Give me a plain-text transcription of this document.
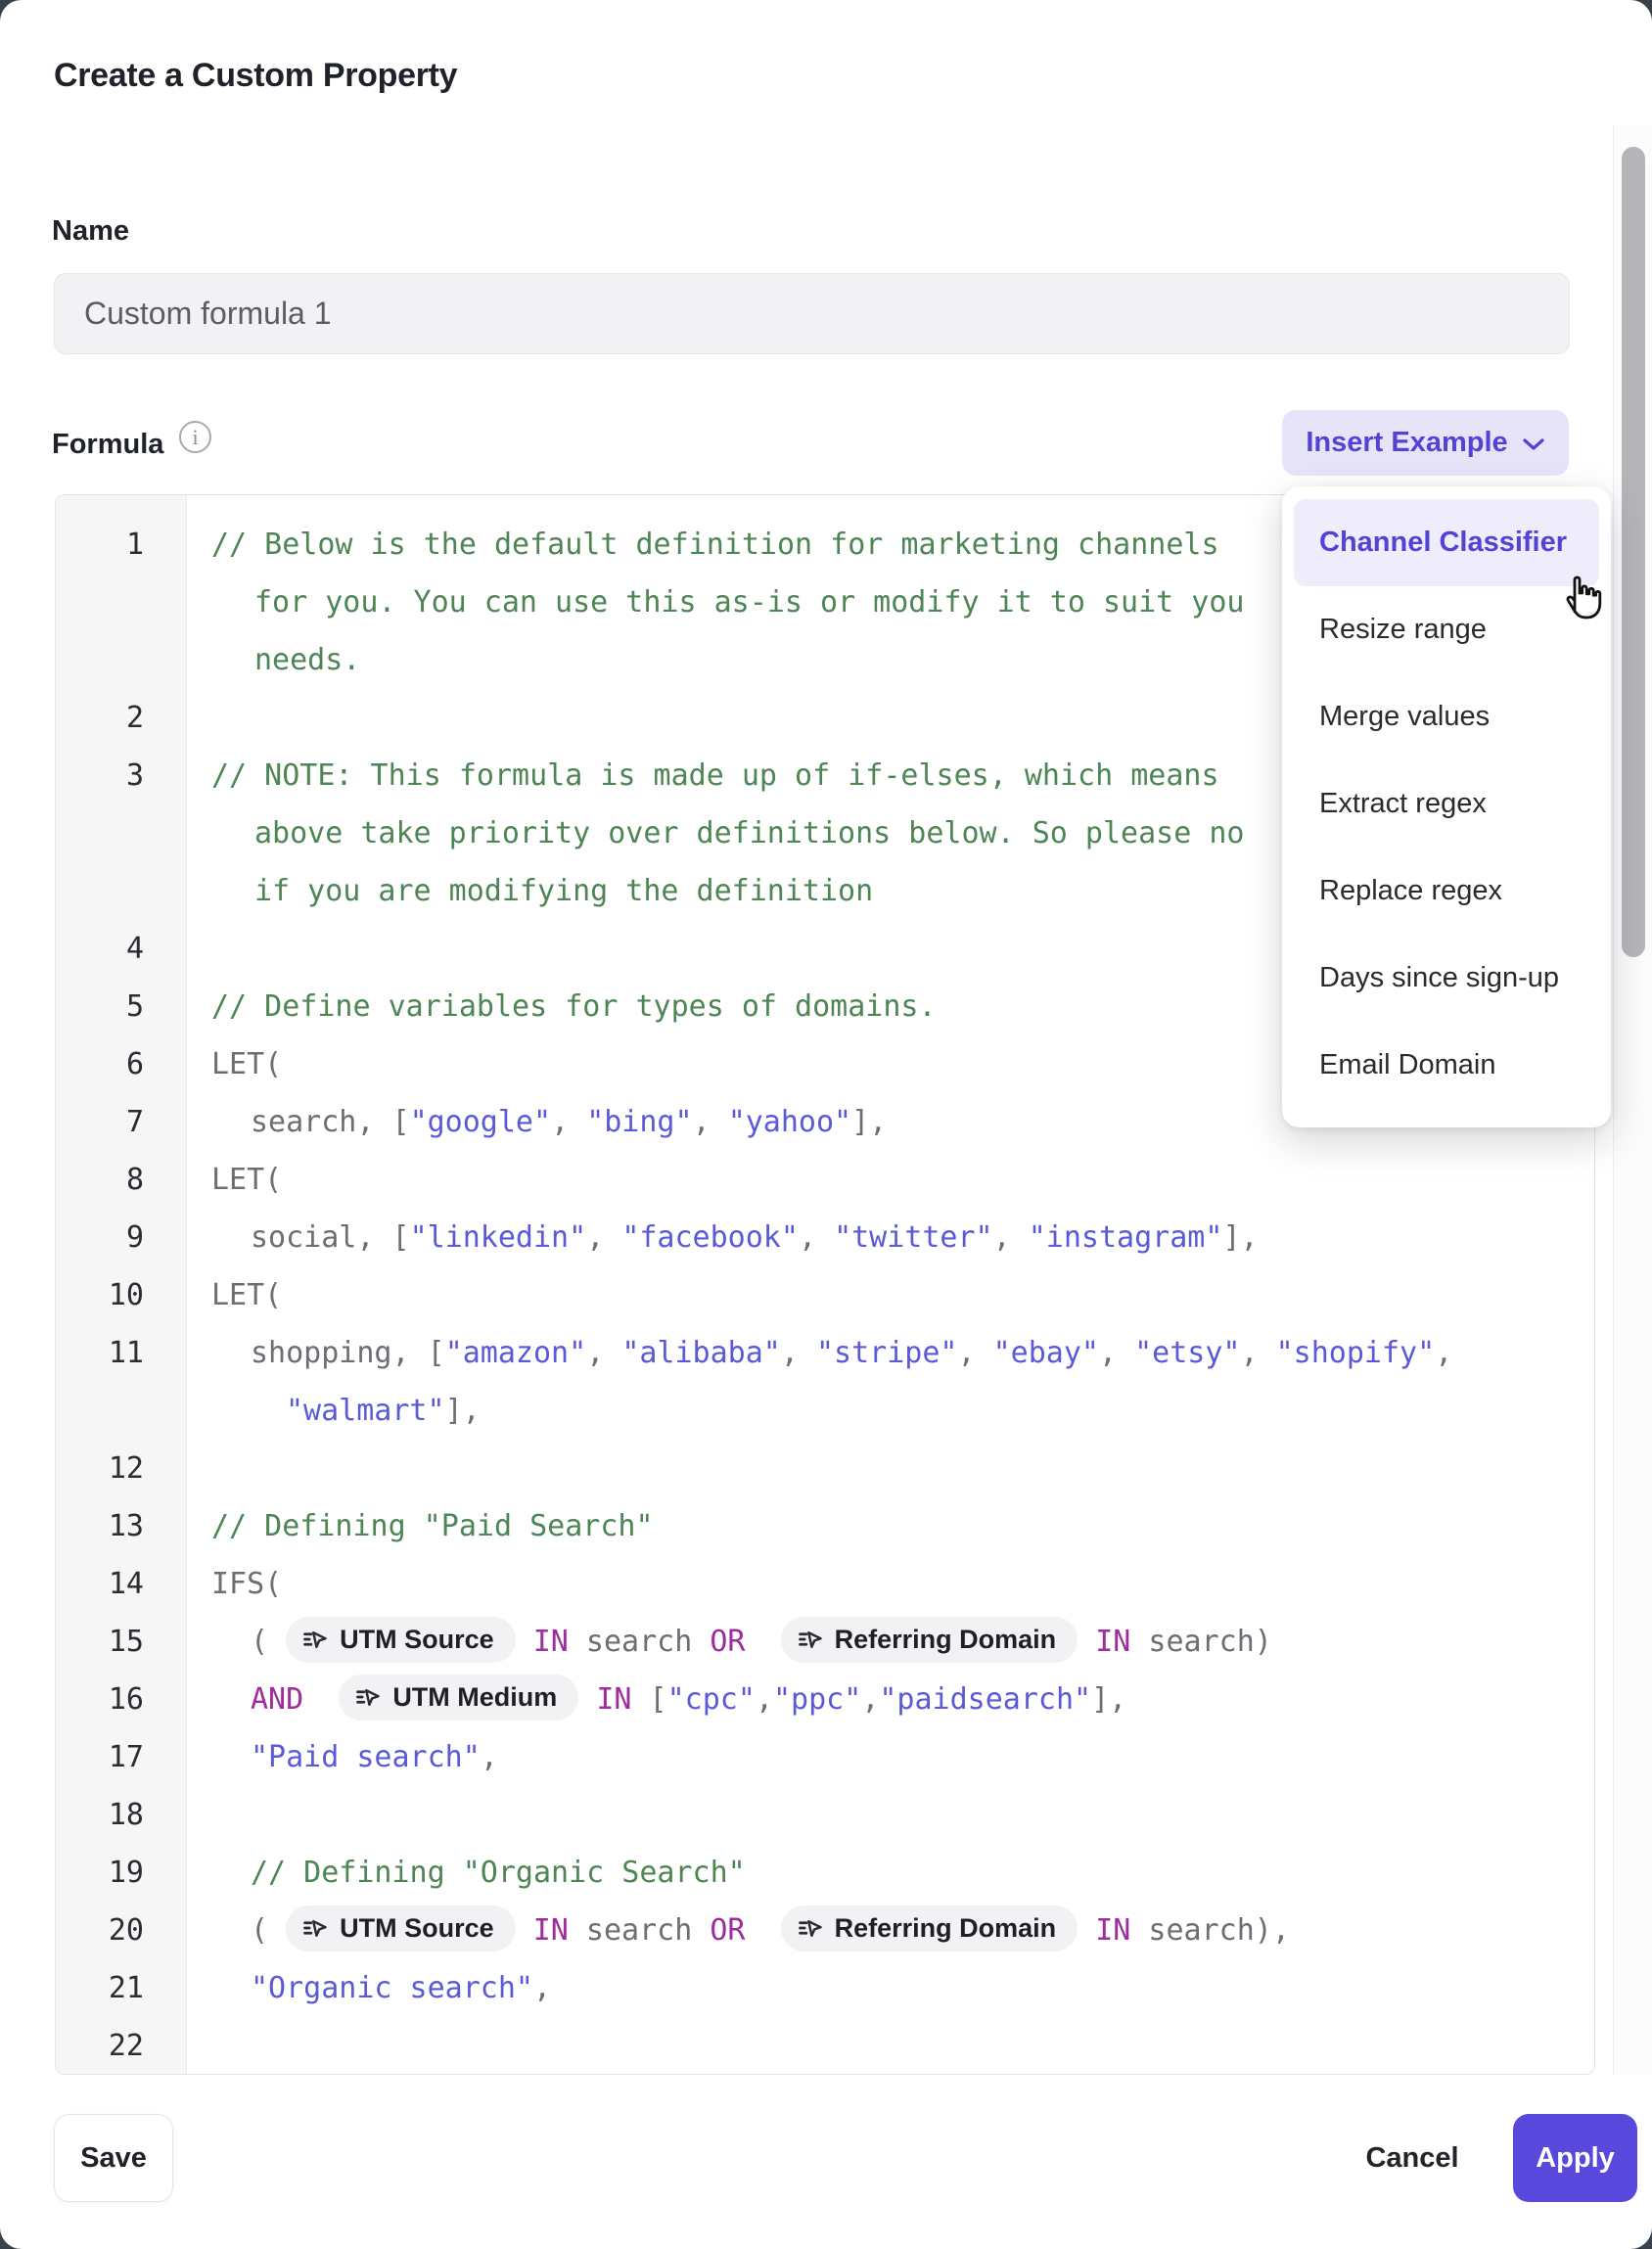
Create a Custom Property
Name
Custom formula 1
Formula	i
1	// Below is the default definition for marketing channels
for you. You can use this as-is or modify it to suit you
needs.
2
3	// NOTE: This formula is made up of if-elses, which means
above take priority over definitions below. So please no
if you are modifying the definition
4
5	// Define variables for types of domains.
6	LET(
7	search, ["google", "bing", "yahoo"],
8	LET(
9	social, ["linkedin", "facebook", "twitter", "instagram"],
10	LET(
11	shopping, ["amazon", "alibaba", "stripe", "ebay", "etsy", "shopify",
"walmart"],
12
13	// Defining "Paid Search"
14	IFS(
15	( UTM Source IN search OR	Referring Domain IN search)
16	AND	UTM Medium IN ["cpc","ppc","paidsearch"],
17	"Paid search",
18
19	// Defining "Organic Search"
20	( UTM Source IN search OR	Referring Domain IN search),
21	"Organic search",
22
Insert Example
Channel Classifier
Resize range
Merge values
Extract regex
Replace regex
Days since sign-up
Email Domain
Save	Cancel	Apply
